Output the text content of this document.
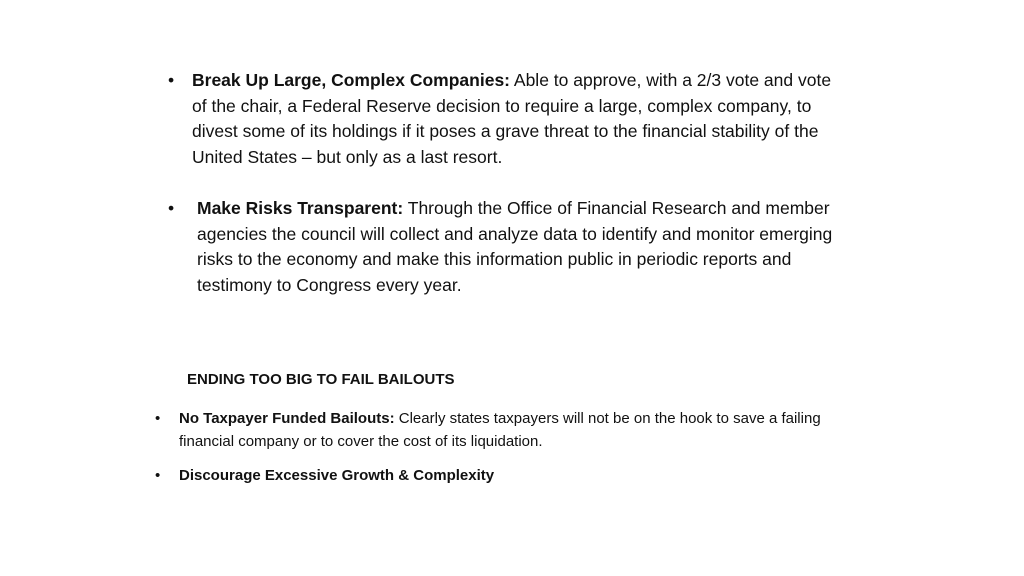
•	Break Up Large, Complex Companies: Able to approve, with a 2/3 vote and vote of the chair, a Federal Reserve decision to require a large, complex company, to divest some of its holdings if it poses a grave threat to the financial stability of the United States – but only as a last resort.
•	Make Risks Transparent: Through the Office of Financial Research and member agencies the council will collect and analyze data to identify and monitor emerging risks to the economy and make this information public in periodic reports and testimony to Congress every year.
ENDING TOO BIG TO FAIL BAILOUTS
•	No Taxpayer Funded Bailouts: Clearly states taxpayers will not be on the hook to save a failing financial company or to cover the cost of its liquidation.
•	Discourage Excessive Growth & Complexity
